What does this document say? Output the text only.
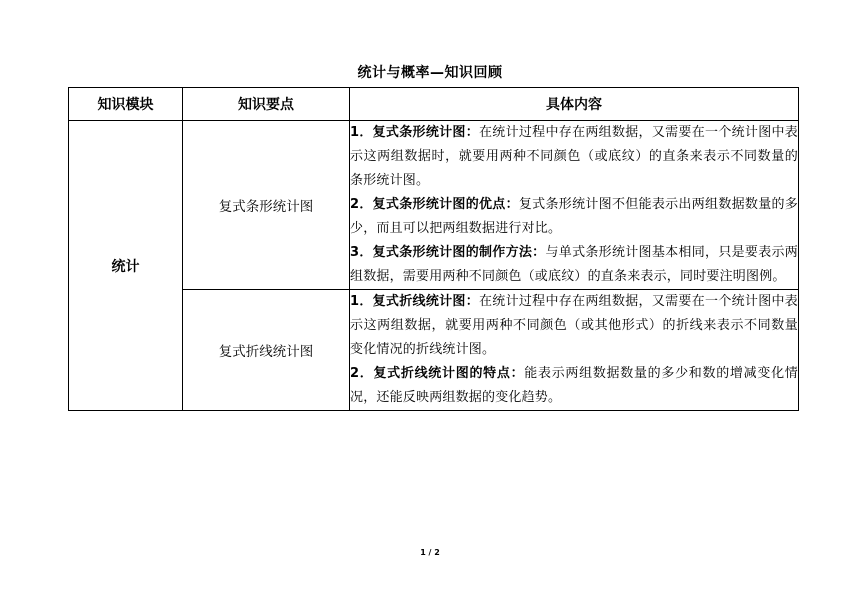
统计与概率—知识回顾
知识模块	知识要点	具体内容
统计	复式条形统计图	1．复式条形统计图：在统计过程中存在两组数据，又需要在一个统计图中表示这两组数据时，就要用两种不同颜色（或底纹）的直条来表示不同数量的条形统计图。

2．复式条形统计图的优点：复式条形统计图不但能表示出两组数据数量的多少，而且可以把两组数据进行对比。

3．复式条形统计图的制作方法：与单式条形统计图基本相同，只是要表示两组数据，需要用两种不同颜色（或底纹）的直条来表示，同时要注明图例。

	复式折线统计图	1．复式折线统计图：在统计过程中存在两组数据，又需要在一个统计图中表示这两组数据，就要用两种不同颜色（或其他形式）的折线来表示不同数量变化情况的折线统计图。

2．复式折线统计图的特点：能表示两组数据数量的多少和数的增减变化情况，还能反映两组数据的变化趋势。

1 / 2
